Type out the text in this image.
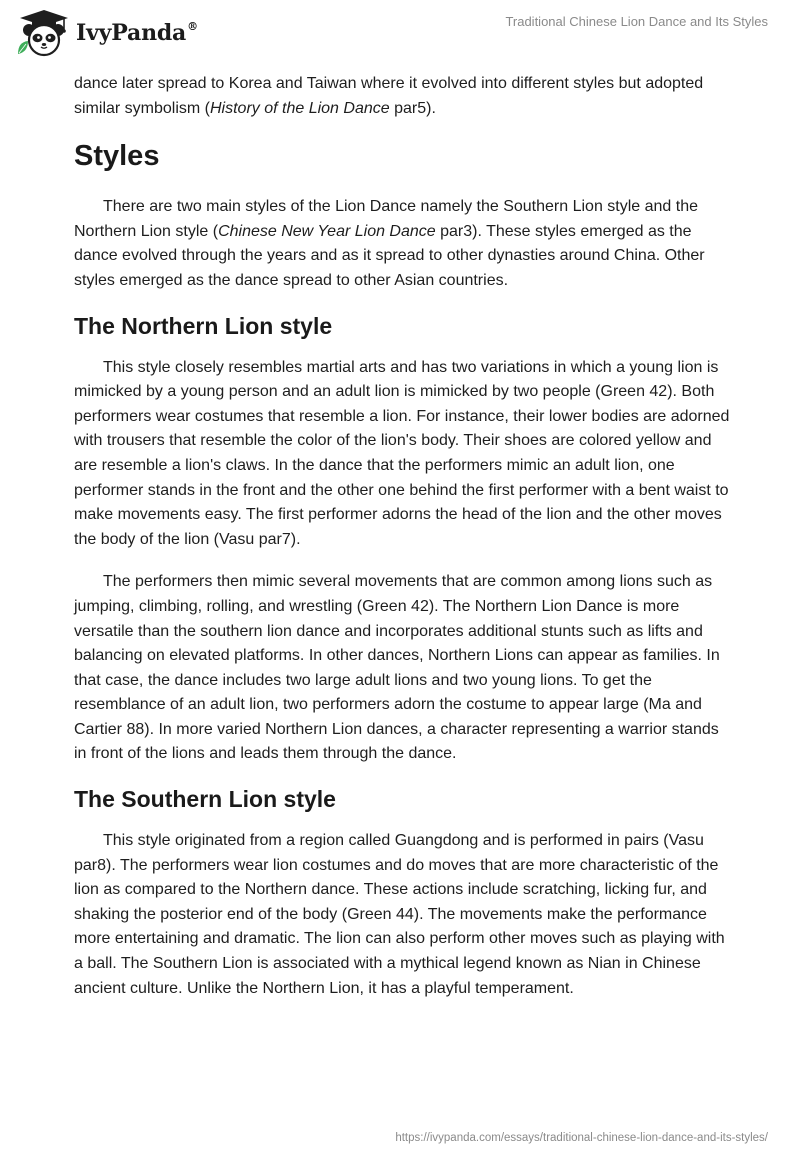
IvyPanda®	Traditional Chinese Lion Dance and Its Styles

dance later spread to Korea and Taiwan where it evolved into different styles but adopted similar symbolism (History of the Lion Dance par5).

Styles

There are two main styles of the Lion Dance namely the Southern Lion style and the Northern Lion style (Chinese New Year Lion Dance par3). These styles emerged as the dance evolved through the years and as it spread to other dynasties around China. Other styles emerged as the dance spread to other Asian countries.

The Northern Lion style

This style closely resembles martial arts and has two variations in which a young lion is mimicked by a young person and an adult lion is mimicked by two people (Green 42). Both performers wear costumes that resemble a lion. For instance, their lower bodies are adorned with trousers that resemble the color of the lion's body. Their shoes are colored yellow and are resemble a lion's claws. In the dance that the performers mimic an adult lion, one performer stands in the front and the other one behind the first performer with a bent waist to make movements easy. The first performer adorns the head of the lion and the other moves the body of the lion (Vasu par7).

The performers then mimic several movements that are common among lions such as jumping, climbing, rolling, and wrestling (Green 42). The Northern Lion Dance is more versatile than the southern lion dance and incorporates additional stunts such as lifts and balancing on elevated platforms. In other dances, Northern Lions can appear as families. In that case, the dance includes two large adult lions and two young lions. To get the resemblance of an adult lion, two performers adorn the costume to appear large (Ma and Cartier 88). In more varied Northern Lion dances, a character representing a warrior stands in front of the lions and leads them through the dance.

The Southern Lion style

This style originated from a region called Guangdong and is performed in pairs (Vasu par8). The performers wear lion costumes and do moves that are more characteristic of the lion as compared to the Northern dance. These actions include scratching, licking fur, and shaking the posterior end of the body (Green 44). The movements make the performance more entertaining and dramatic. The lion can also perform other moves such as playing with a ball. The Southern Lion is associated with a mythical legend known as Nian in Chinese ancient culture. Unlike the Northern Lion, it has a playful temperament.

https://ivypanda.com/essays/traditional-chinese-lion-dance-and-its-styles/
